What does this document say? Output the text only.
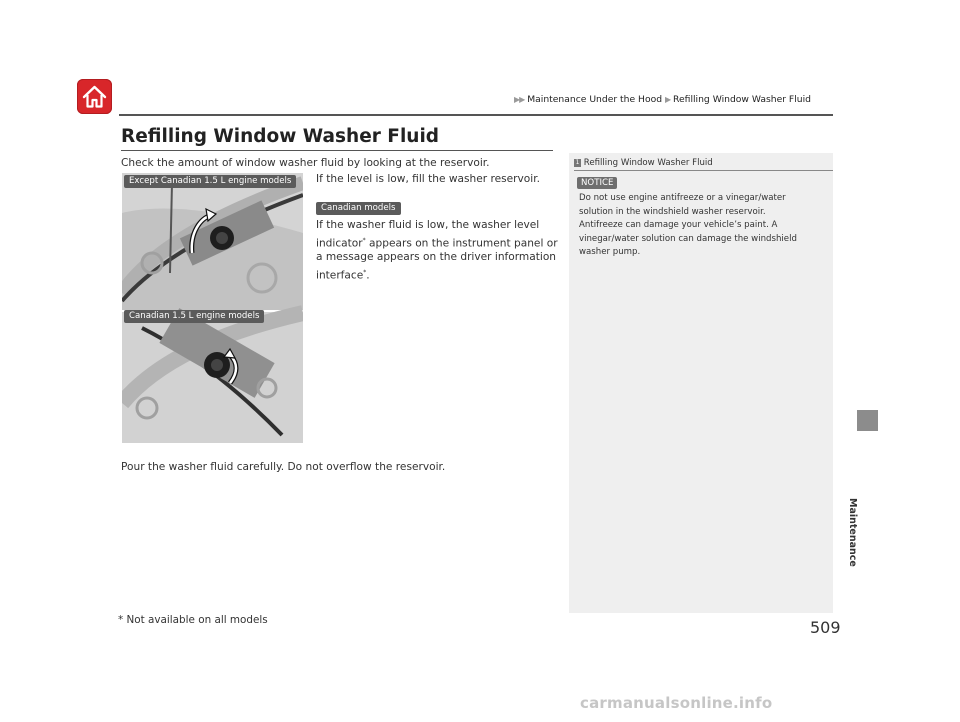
▶▶ Maintenance Under the Hood ▶ Refilling Window Washer Fluid
Refilling Window Washer Fluid
Check the amount of window washer fluid by looking at the reservoir.
If the level is low, fill the washer reservoir.
Canadian models
If the washer fluid is low, the washer level
indicator* appears on the instrument panel or
a message appears on the driver information
interface*.
Except Canadian 1.5 L engine models
Canadian 1.5 L engine models
Pour the washer fluid carefully. Do not overflow the reservoir.
1 Refilling Window Washer Fluid
NOTICE
Do not use engine antifreeze or a vinegar/water
solution in the windshield washer reservoir.
Antifreeze can damage your vehicle’s paint. A
vinegar/water solution can damage the windshield
washer pump.
Maintenance
* Not available on all models	509
carmanualsonline.info
